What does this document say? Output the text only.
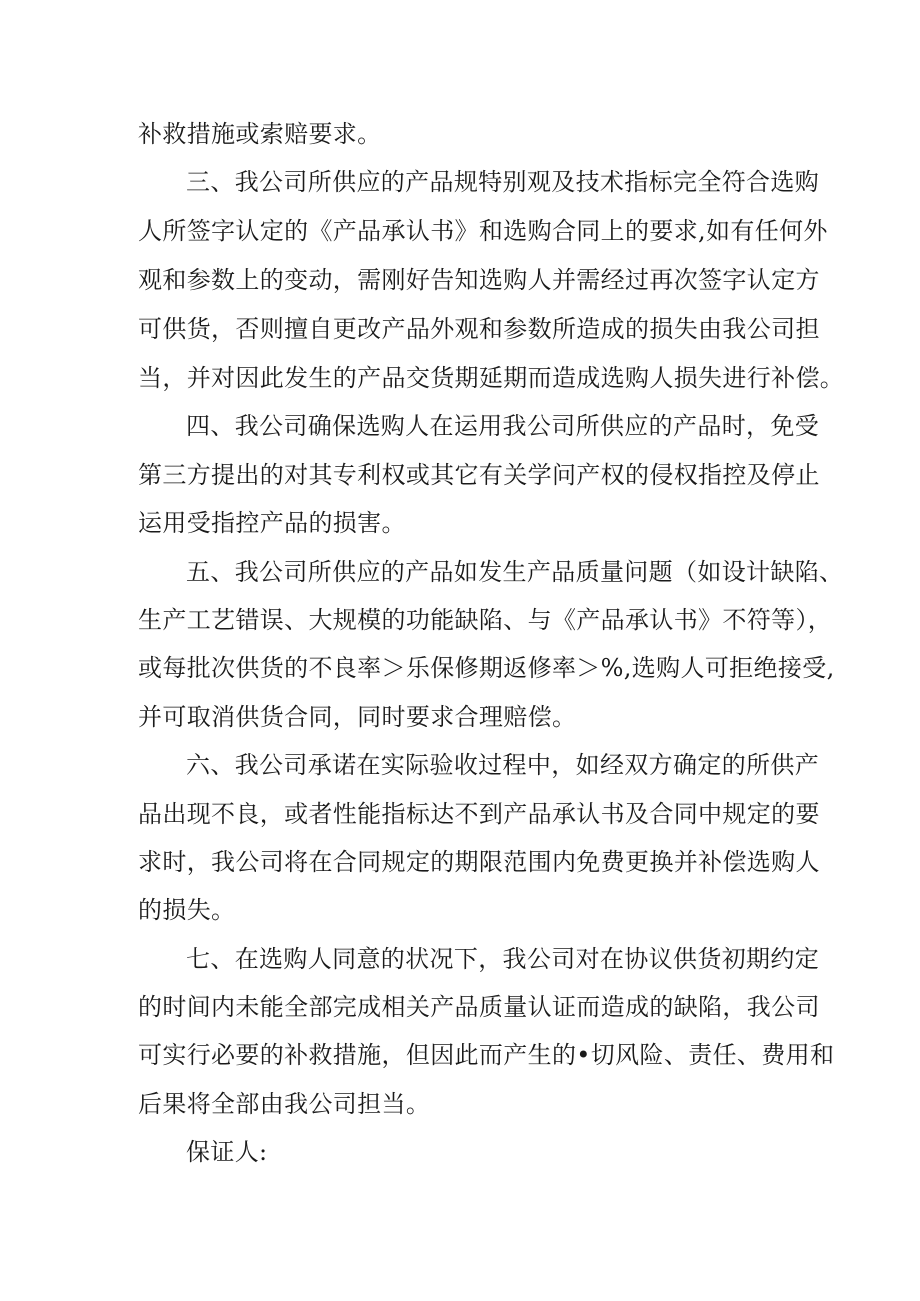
补救措施或索赔要求。
三、我公司所供应的产品规特别观及技术指标完全符合选购
人所签字认定的《产品承认书》和选购合同上的要求,如有任何外
观和参数上的变动，需刚好告知选购人并需经过再次签字认定方
可供货，否则擅自更改产品外观和参数所造成的损失由我公司担
当，并对因此发生的产品交货期延期而造成选购人损失进行补偿。
四、我公司确保选购人在运用我公司所供应的产品时，免受
第三方提出的对其专利权或其它有关学问产权的侵权指控及停止
运用受指控产品的损害。
五、我公司所供应的产品如发生产品质量问题（如设计缺陷、
生产工艺错误、大规模的功能缺陷、与《产品承认书》不符等），
或每批次供货的不良率＞乐保修期返修率＞%,选购人可拒绝接受,
并可取消供货合同，同时要求合理赔偿。
六、我公司承诺在实际验收过程中，如经双方确定的所供产
品出现不良，或者性能指标达不到产品承认书及合同中规定的要
求时，我公司将在合同规定的期限范围内免费更换并补偿选购人
的损失。
七、在选购人同意的状况下，我公司对在协议供货初期约定
的时间内未能全部完成相关产品质量认证而造成的缺陷，我公司
可实行必要的补救措施，但因此而产生的•切风险、责任、费用和
后果将全部由我公司担当。
保证人:
